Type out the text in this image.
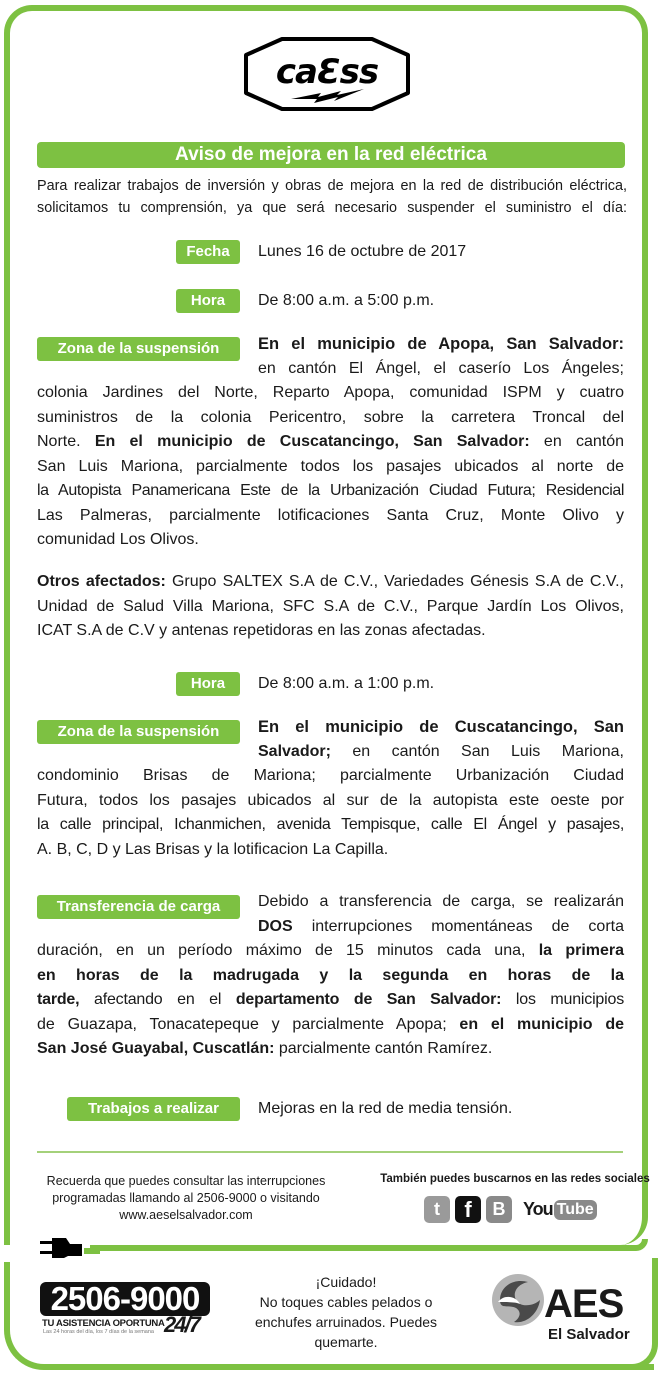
caƐss
Aviso de mejora en la red eléctrica
Para realizar trabajos de inversión y obras de mejora en la red de distribución eléctrica,
solicitamos tu comprensión, ya que será necesario suspender el suministro el día:
Fecha	Lunes 16 de octubre de 2017
Hora	De 8:00 a.m. a 5:00 p.m.
Zona de la suspensión	En el municipio de Apopa, San Salvador:
en cantón El Ángel, el caserío Los Ángeles;
colonia Jardines del Norte, Reparto Apopa, comunidad ISPM y cuatro
suministros de la colonia Pericentro, sobre la carretera Troncal del
Norte. En el municipio de Cuscatancingo, San Salvador: en cantón
San Luis Mariona, parcialmente todos los pasajes ubicados al norte de
la Autopista Panamericana Este de la Urbanización Ciudad Futura; Residencial
Las Palmeras, parcialmente lotificaciones Santa Cruz, Monte Olivo y
comunidad Los Olivos.
Otros afectados: Grupo SALTEX S.A de C.V., Variedades Génesis S.A de C.V.,
Unidad de Salud Villa Mariona, SFC S.A de C.V., Parque Jardín Los Olivos,
ICAT S.A de C.V y antenas repetidoras en las zonas afectadas.
Hora	De 8:00 a.m. a 1:00 p.m.
Zona de la suspensión	En el municipio de Cuscatancingo, San
Salvador; en cantón San Luis Mariona,
condominio Brisas de Mariona; parcialmente Urbanización Ciudad
Futura, todos los pasajes ubicados al sur de la autopista este oeste por
la calle principal, Ichanmichen, avenida Tempisque, calle El Ángel y pasajes,
A. B, C, D y Las Brisas y la lotificacion La Capilla.
Transferencia de carga	Debido a transferencia de carga, se realizarán
DOS interrupciones momentáneas de corta
duración, en un período máximo de 15 minutos cada una, la primera
en horas de la madrugada y la segunda en horas de la
tarde, afectando en el departamento de San Salvador: los municipios
de Guazapa, Tonacatepeque y parcialmente Apopa; en el municipio de
San José Guayabal, Cuscatlán: parcialmente cantón Ramírez.
Trabajos a realizar	Mejoras en la red de media tensión.
Recuerda que puedes consultar las interrupciones
programadas llamando al 2506-9000 o visitando
www.aeselsalvador.com
También puedes buscarnos en las redes sociales
t	f	B You Tube
2506-9000
TU ASISTENCIA OPORTUNA
Las 24 horas del día, los 7 días de la semana 24/7
¡Cuidado!
No toques cables pelados o
enchufes arruinados. Puedes
quemarte.
AES
El Salvador
